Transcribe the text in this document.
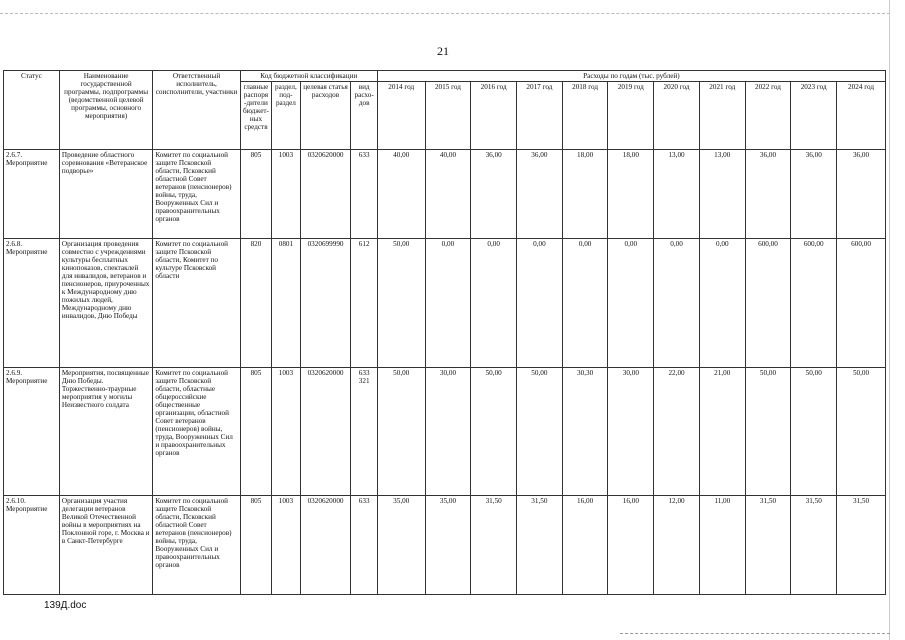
21
Статус	Наименование государственной программы, подпрограммы (ведомственной целевой программы, основного мероприятия)	Ответственный исполнитель, соисполнители, участники	Код бюджетной классификации				Расходы по годам (тыс. рублей)										
			главные распоря-дители бюджет-ных средств	раздел, под-раздел	целевая статья расходов	вид расхо-дов	2014 год	2015 год	2016 год	2017 год	2018 год	2019 год	2020 год	2021 год	2022 год	2023 год	2024 год
2.6.7. Мероприятие	Проведение областного соревнования «Ветеранское подворье»	Комитет по социальной защите Псковской области, Псковский областной Совет ветеранов (пенсионеров) войны, труда, Вооруженных Сил и правоохранительных органов	805	1003	0320620000	633	40,00	40,00	36,00	36,00	18,00	18,00	13,00	13,00	36,00	36,00	36,00
2.6.8. Мероприятие	Организация проведения совместно с учреждениями культуры бесплатных кинопоказов, спектаклей для инвалидов, ветеранов и пенсионеров, приуроченных к Международному дню пожилых людей, Международному дню инвалидов, Дню Победы	Комитет по социальной защите Псковской области, Комитет по культуре Псковской области	820	0801	0320699990	612	50,00	0,00	0,00	0,00	0,00	0,00	0,00	0,00	600,00	600,00	600,00
2.6.9. Мероприятие	Мероприятия, посвященные Дню Победы. Торжественно-траурные мероприятия у могилы Неизвестного солдата	Комитет по социальной защите Псковской области, областные общероссийские общественные организации, областной Совет ветеранов (пенсионеров) войны, труда, Вооруженных Сил и правоохранительных органов	805	1003	0320620000	633 321	50,00	30,00	50,00	50,00	30,30	30,00	22,00	21,00	50,00	50,00	50,00
2.6.10. Мероприятие	Организация участия делегации ветеранов Великой Отечественной войны в мероприятиях на Поклонной горе, г. Москва и в Санкт-Петербурге	Комитет по социальной защите Псковской области, Псковский областной Совет ветеранов (пенсионеров) войны, труда, Вооруженных Сил и правоохранительных органов	805	1003	0320620000	633	35,00	35,00	31,50	31,50	16,00	16,00	12,00	11,00	31,50	31,50	31,50
139Д.doc
